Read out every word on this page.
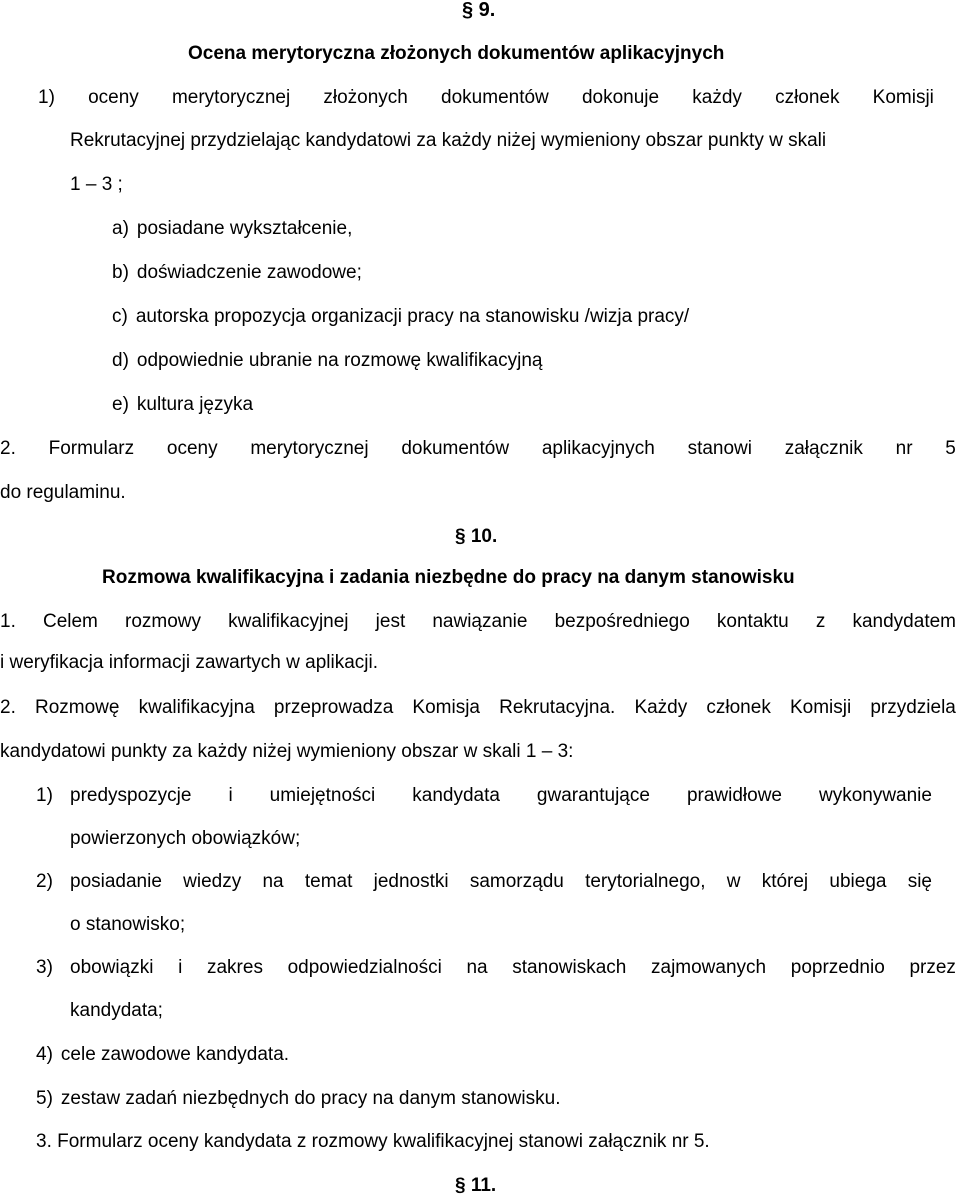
§ 9.
Ocena merytoryczna złożonych dokumentów aplikacyjnych
1) oceny merytorycznej złożonych dokumentów dokonuje każdy członek Komisji
Rekrutacyjnej przydzielając kandydatowi za każdy niżej wymieniony obszar punkty w skali
1 – 3 ;
a) posiadane wykształcenie,
b) doświadczenie zawodowe;
c) autorska propozycja organizacji pracy na stanowisku /wizja pracy/
d) odpowiednie ubranie na rozmowę kwalifikacyjną
e) kultura języka
2. Formularz oceny merytorycznej dokumentów aplikacyjnych stanowi załącznik nr 5
do regulaminu.
§ 10.
Rozmowa kwalifikacyjna i zadania niezbędne do pracy na danym stanowisku
1. Celem rozmowy kwalifikacyjnej jest nawiązanie bezpośredniego kontaktu z kandydatem
i weryfikacja informacji zawartych w aplikacji.
2. Rozmowę kwalifikacyjna przeprowadza Komisja Rekrutacyjna. Każdy członek Komisji przydziela
kandydatowi punkty za każdy niżej wymieniony obszar w skali 1 – 3:
1) predyspozycje i umiejętności kandydata gwarantujące prawidłowe wykonywanie
powierzonych obowiązków;
2) posiadanie wiedzy na temat jednostki samorządu terytorialnego, w której ubiega się
o stanowisko;
3) obowiązki i zakres odpowiedzialności na stanowiskach zajmowanych poprzednio przez
kandydata;
4) cele zawodowe kandydata.
5) zestaw zadań niezbędnych do pracy na danym stanowisku.
3. Formularz oceny kandydata z rozmowy kwalifikacyjnej stanowi załącznik nr 5.
§ 11.
